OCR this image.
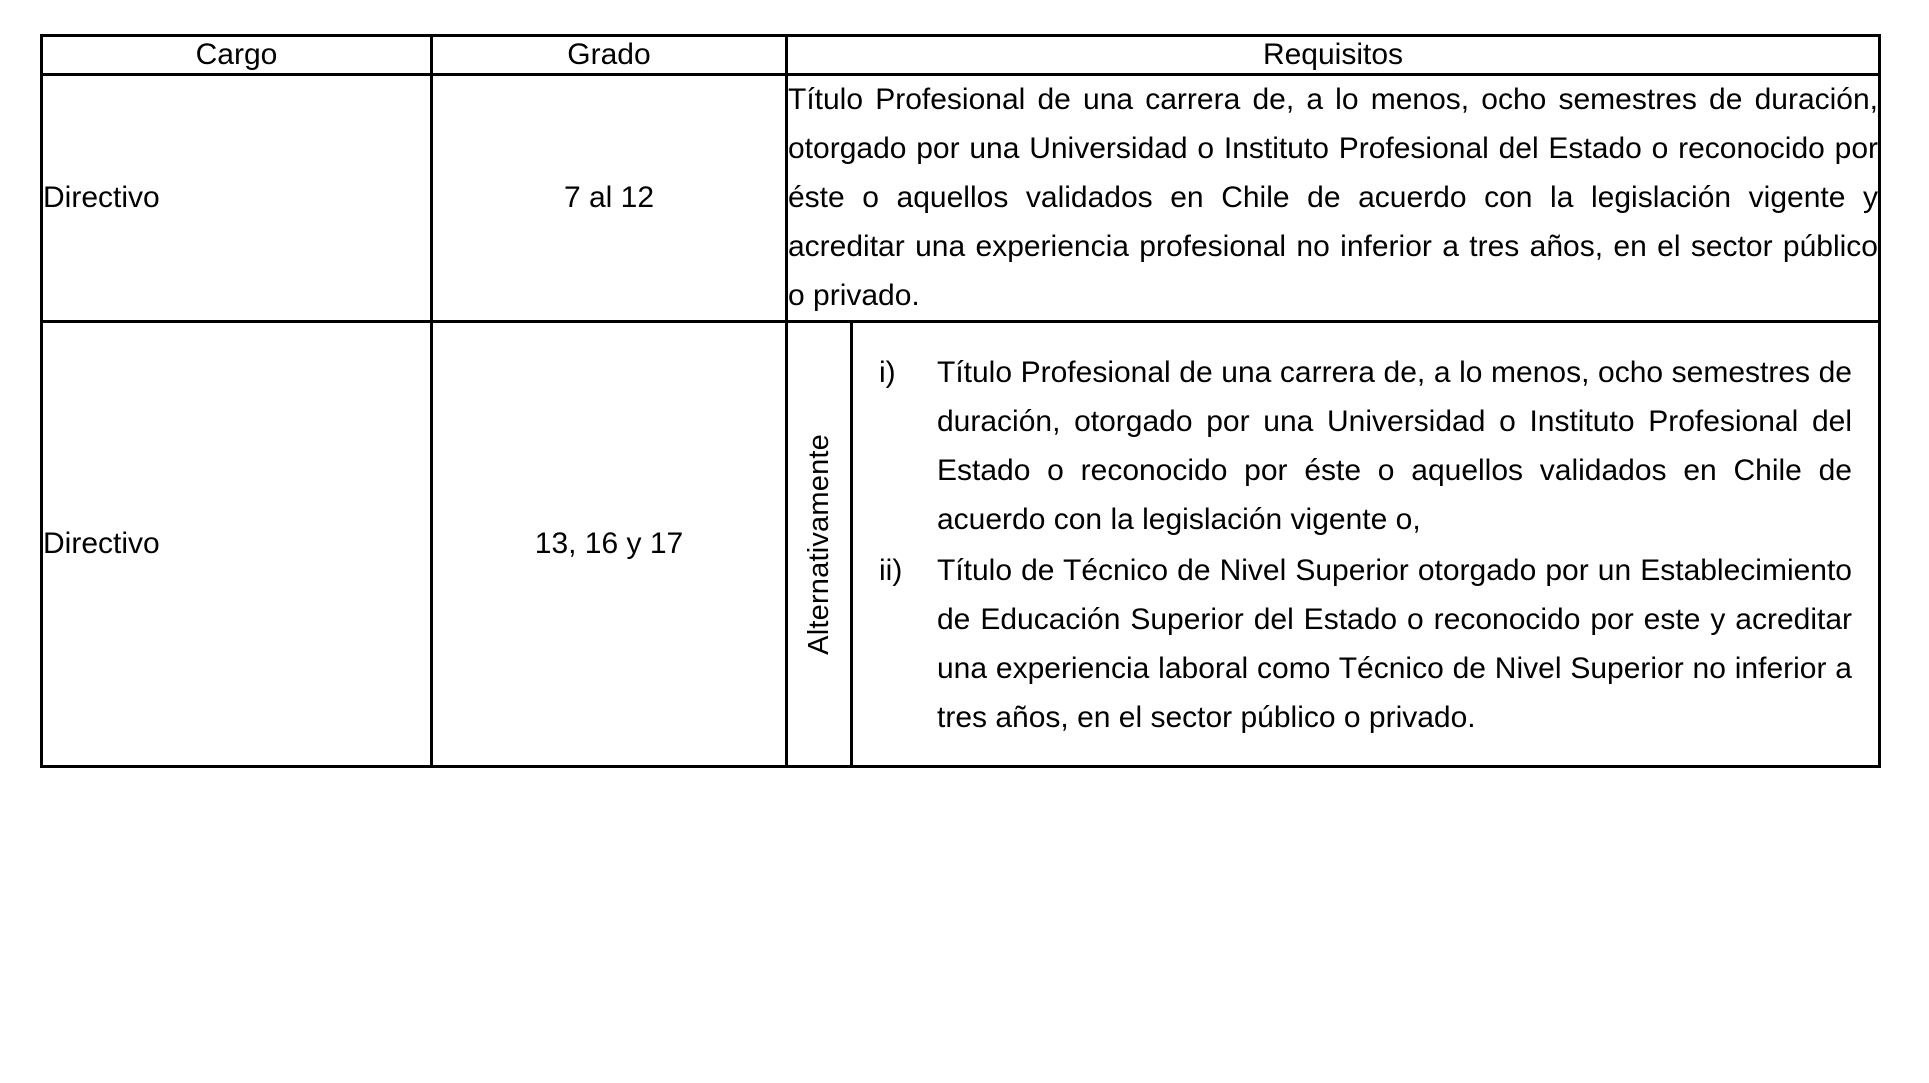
Cargo	Grado	Requisitos
Directivo	7 al 12	Título Profesional de una carrera de, a lo menos, ocho semestres de duración, otorgado por una Universidad o Instituto Profesional del Estado o reconocido por éste o aquellos validados en Chile de acuerdo con la legislación vigente y acreditar una experiencia profesional no inferior a tres años, en el sector público o privado.

Directivo	13, 16 y 17	Alternativamente
i)	Título Profesional de una carrera de, a lo menos, ocho semestres de duración, otorgado por una Universidad o Instituto Profesional del Estado o reconocido por éste o aquellos validados en Chile de acuerdo con la legislación vigente o,
ii)	Título de Técnico de Nivel Superior otorgado por un Establecimiento de Educación Superior del Estado o reconocido por este y acreditar una experiencia laboral como Técnico de Nivel Superior no inferior a tres años, en el sector público o privado.
